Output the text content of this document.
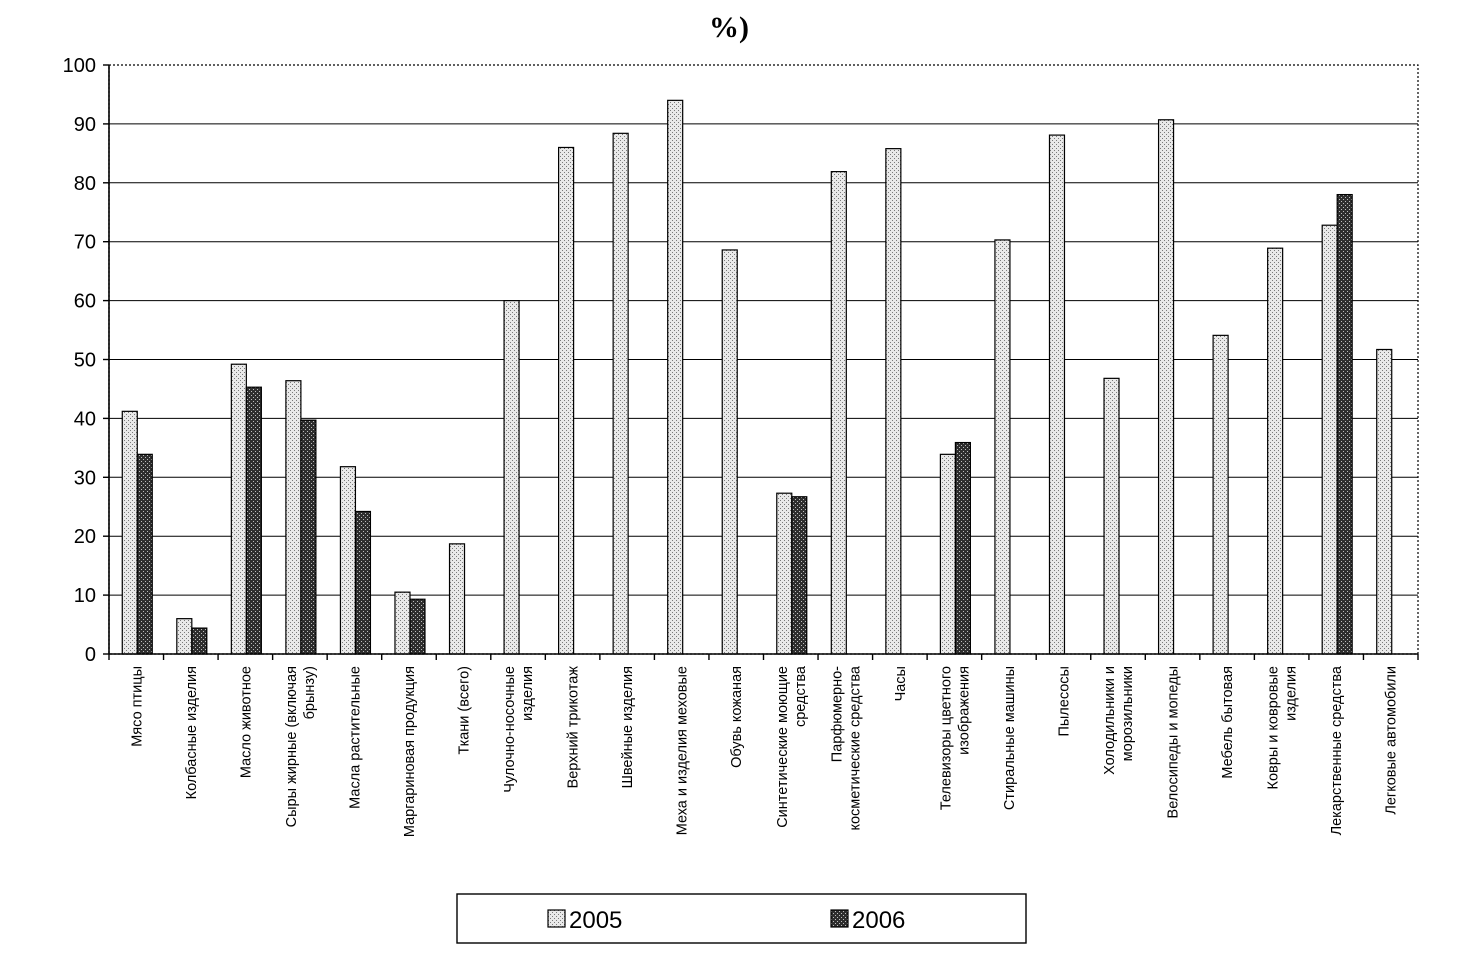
%)
0
10
20
30
40
50
60
70
80
90
100
Мясо птицы	Колбасные изделия	Масло животное Сыры жирные (включая брынзу) Масла растительные	Маргариновая продукция	Ткани (всего) Чулочно-носочные изделия Верхний трикотаж	Швейные изделия	Меха и изделия меховые	Обувь кожаная Синтетические моющие средства Парфюмерно- косметические средства Часы Телевизоры цветного изображения Стиральные машины	Пылесосы Холодильники и морозильники Велосипеды и мопеды	Мебель бытовая Ковры и ковровые изделия Лекарственные средства	Легковые автомобили
2005	2006
